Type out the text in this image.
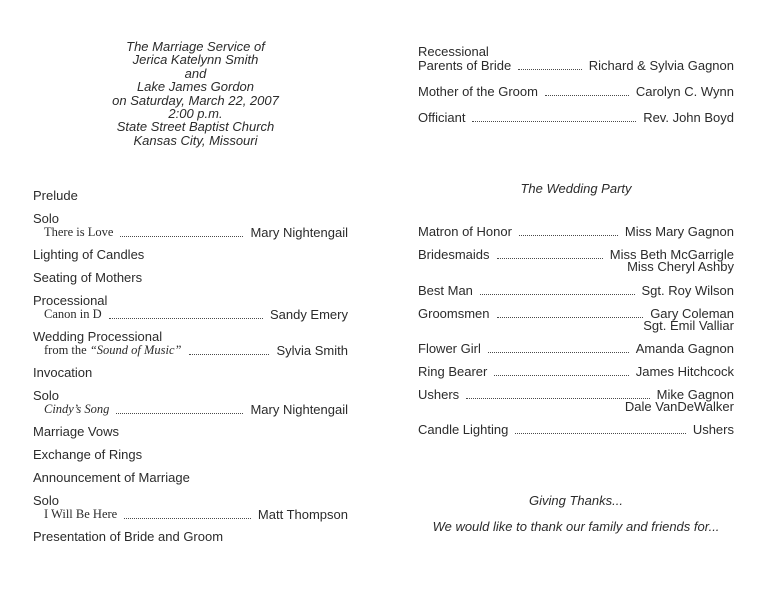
The Marriage Service of
Jerica Katelynn Smith
and
Lake James Gordon
on Saturday, March 22, 2007
2:00 p.m.
State Street Baptist Church
Kansas City, Missouri
Recessional
Parents of Bride	Richard & Sylvia Gagnon
Mother of the Groom	Carolyn C. Wynn
Officiant	Rev. John Boyd
Prelude
Solo
There is Love	Mary Nightengail
Lighting of Candles
Seating of Mothers
Processional
Canon in D	Sandy Emery
Wedding Processional
from the “Sound of Music”	Sylvia Smith
Invocation
Solo
Cindy’s Song	Mary Nightengail
Marriage Vows
Exchange of Rings
Announcement of Marriage
Solo
I Will Be Here	Matt Thompson
Presentation of Bride and Groom
The Wedding Party
Matron of Honor	Miss Mary Gagnon
Bridesmaids	Miss Beth McGarrigle
Miss Cheryl Ashby
Best Man	Sgt. Roy Wilson
Groomsmen	Gary Coleman
Sgt. Emil Valliar
Flower Girl	Amanda Gagnon
Ring Bearer	James Hitchcock
Ushers	Mike Gagnon
Dale VanDeWalker
Candle Lighting	Ushers
Giving Thanks...
We would like to thank our family and friends for...
